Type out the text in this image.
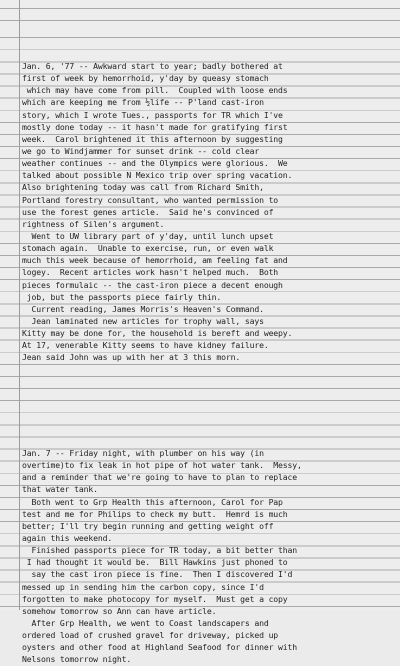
Jan. 6, '77 -- Awkward start to year; badly bothered at
first of week by hemorrhoid, y'day by queasy stomach
which may have come from pill.  Coupled with loose ends
which are keeping me from ½life -- P'land cast-iron
story, which I wrote Tues., passports for TR which I've
mostly done today -- it hasn't made for gratifying first
week.  Carol brightened it this afternoon by suggesting
we go to Windjammer for sunset drink -- cold clear
weather continues -- and the Olympics were glorious.  We
talked about possible N Mexico trip over spring vacation.
Also brightening today was call from Richard Smith,
Portland forestry consultant, who wanted permission to
use the forest genes article.  Said he's convinced of
rightness of Silen's argument.
Went to UW library part of y'day, until lunch upset
stomach again.  Unable to exercise, run, or even walk
much this week because of hemorrhoid, am feeling fat and
logey.  Recent articles work hasn't helped much.  Both
pieces formulaic -- the cast-iron piece a decent enough
job, but the passports piece fairly thin.
Current reading, James Morris's Heaven's Command.
Jean laminated new articles for trophy wall, says
Kitty may be done for, the household is bereft and weepy.
At 17, venerable Kitty seems to have kidney failure.
Jean said John was up with her at 3 this morn.
Jan. 7 -- Friday night, with plumber on his way (in
overtime)to fix leak in hot pipe of hot water tank.  Messy,
and a reminder that we're going to have to plan to replace
that water tank.
Both went to Grp Health this afternoon, Carol for Pap
test and me for Philips to check my butt.  Hemrd is much
better; I'll try begin running and getting weight off
again this weekend.
Finished passports piece for TR today, a bit better than
I had thought it would be.  Bill Hawkins just phoned to
say the cast iron piece is fine.  Then I discovered I'd
messed up in sending him the carbon copy, since I'd
forgotten to make photocopy for myself.  Must get a copy
somehow tomorrow so Ann can have article.
After Grp Health, we went to Coast landscapers and
ordered load of crushed gravel for driveway, picked up
oysters and other food at Highland Seafood for dinner with
Nelsons tomorrow night.
